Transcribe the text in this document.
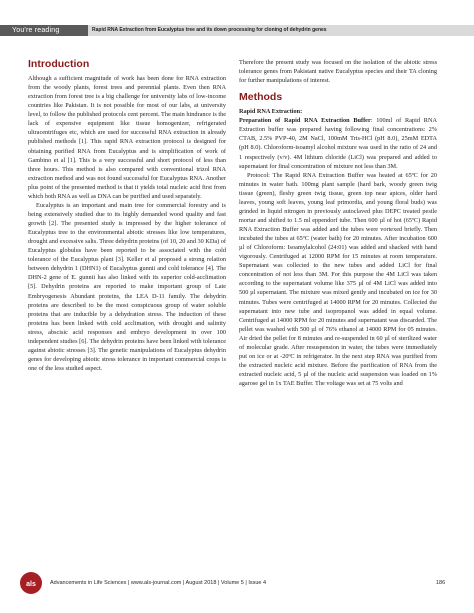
You're reading	Rapid RNA Extraction from Eucalyptus tree and its down processing for cloning of dehydrin genes
Introduction

Although a sufficient magnitude of work has been done for RNA extraction from the woody plants, forest trees and perennial plants. Even then RNA extraction from forest tree is a big challenge for university labs of low-income countries like Pakistan. It is not possible for most of our labs, at university level, to follow the published protocols cent percent. The main hindrance is the lack of expensive equipment like tissue homogenizer, refrigerated ultracentrifuges etc, which are used for successful RNA extraction in already published methods [1]. This rapid RNA extraction protocol is designed for obtaining purified RNA from Eucalyptus and is simplification of work of Gambino et al [1]. This is a very successful and short protocol of less than three hours. This method is also compared with conventional trizol RNA extraction method and was not found successful for Eucalyptus RNA. Another plus point of the presented method is that it yields total nucleic acid first from which both RNA as well as DNA can be purified and used separately.

Eucalyptus is an important and main tree for commercial forestry and is being extensively studied due to its highly demanded wood quality and fast growth [2]. The presented study is impressed by the higher tolerance of Eucalyptus tree to the environmental abiotic stresses like low temperatures, drought and excessive salts. Three dehydrin proteins (of 10, 20 and 30 KDa) of Eucalyptus globulus have been reported to be associated with the cold tolerance of the Eucalyptus plant [3]. Keller et al proposed a strong relation between dehydrin 1 (DHN1) of Eucalyptus gunnii and cold tolerance [4]. The DHN-2 gene of E. gunnii has also linked with its superior cold-acclimation [5]. Dehydrin proteins are reported to make important group of Late Embryogenesis Abundant proteins, the LEA D-11 family. The dehydrin proteins are described to be the most conspicuous group of water soluble proteins that are inducible by a dehydration stress. The induction of these proteins has been linked with cold acclimation, with drought and salinity stress, abscisic acid responses and embryo development in over 100 independent studies [6]. The dehydrin proteins have been linked with tolerance against abiotic stresses [3]. The genetic manipulations of Eucalyptus dehydrin genes for developing abiotic stress tolerance in important commercial crops is one of the less studied aspect.

Therefore the present study was focused on the isolation of the abiotic stress tolerance genes from Pakistani native Eucalyptus species and their TA cloning for further manipulations of interest.

Methods
Rapid RNA Extraction:

Preparation of Rapid RNA Extraction Buffer: 100ml of Rapid RNA Extraction buffer was prepared having following final concentrations: 2% CTAB, 2.5% PVP-40, 2M NaCl, 100mM Tris-HCl (pH 8.0), 25mM EDTA (pH 8.0). Chloroform-isoamyl alcohol mixture was used in the ratio of 24 and 1 respectively (v/v). 4M lithium chloride (LiCl) was prepared and added to supernatant for final concentration of mixture not less than 3M.

Protocol: The Rapid RNA Extraction Buffer was heated at 65ºC for 20 minutes in water bath. 100mg plant sample (hard bark, woody green twig tissue (green), fleshy green twig tissue, green top near apices, older hard leaves, young soft leaves, young leaf primordia, and young floral buds) was grinded in liquid nitrogen in previously autoclaved plus DEPC treated pestle mortar and shifted to 1.5 ml eppendorf tube. Then 600 µl of hot (65ºC) Rapid RNA Extraction Buffer was added and the tubes were vortexed briefly. Then incubated the tubes at 65ºC (water bath) for 20 minutes. After incubation 600 µl of Chloroform: Isoamylalcohol (24:01) was added and shacked with hand vigorously. Centrifuged at 12000 RPM for 15 minutes at room temperature. Supernatant was collected to the new tubes and added LiCl for final concentration of not less than 3M. For this purpose the 4M LiCl was taken according to the supernatant volume like 375 µl of 4M LiCl was added into 500 µl supernatant. The mixture was mixed gently and incubated on ice for 30 minutes. Tubes were centrifuged at 14000 RPM for 20 minutes. Collected the supernatant into new tube and isopropanol was added in equal volume. Centrifuged at 14000 RPM for 20 minutes and supernatant was discarded. The pellet was washed with 500 µl of 76% ethanol at 14000 RPM for 05 minutes. Air dried the pellet for 8 minutes and re-suspended in 60 µl of sterilized water of molecular grade. After resuspension in water, the tubes were immediately put on ice or at -20ºC in refrigerator. In the next step RNA was purified from the extracted nucleic acid mixture. Before the purification of RNA from the extracted nucleic acid, 5 µl of the nucleic acid suspension was loaded on 1% agarose gel in 1x TAE Buffer. The voltage was set at 75 volts and

als	Advancements in Life Sciences | www.als-journal.com | August 2018 | Volume 5 | Issue 4	186
